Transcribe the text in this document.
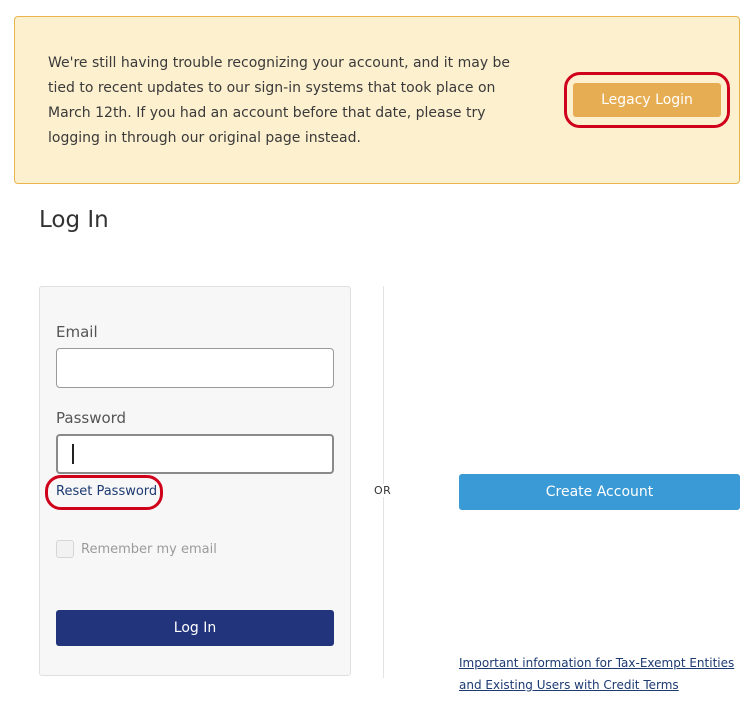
We're still having trouble recognizing your account, and it may be tied to recent updates to our sign-in systems that took place on March 12th. If you had an account before that date, please try logging in through our original page instead.

Legacy Login
Log In
Email
Password
Reset Password
Remember my email
Log In
OR	Create Account
Important information for Tax-Exempt Entities and Existing Users with Credit Terms
